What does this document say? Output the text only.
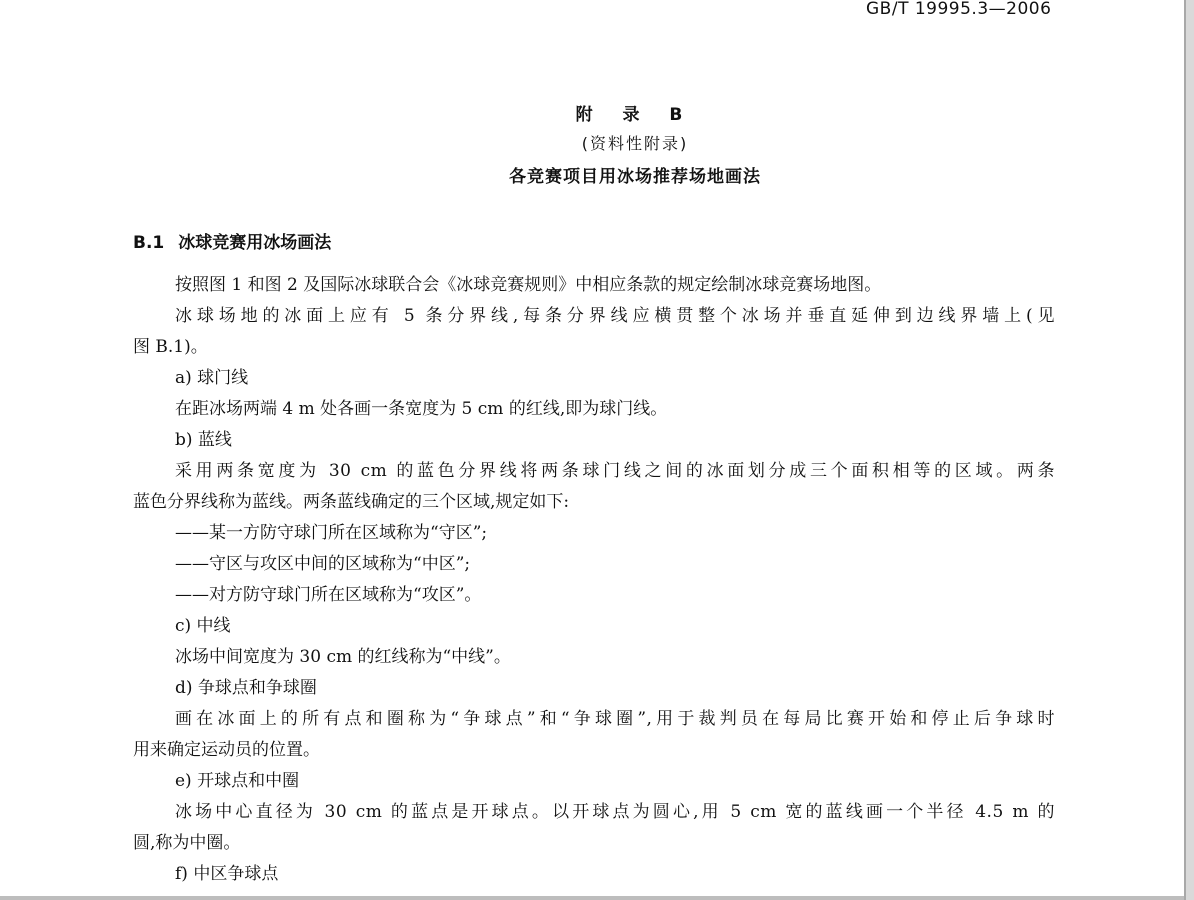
GB/T 19995.3—2006
附 录 B
(资料性附录)
各竞赛项目用冰场推荐场地画法
B.1 冰球竞赛用冰场画法
按照图 1 和图 2 及国际冰球联合会《冰球竞赛规则》中相应条款的规定绘制冰球竞赛场地图。
冰球场地的冰面上应有 5 条分界线,每条分界线应横贯整个冰场并垂直延伸到边线界墙上(见
图 B.1)。
a) 球门线
在距冰场两端 4 m 处各画一条宽度为 5 cm 的红线,即为球门线。
b) 蓝线
采用两条宽度为 30 cm 的蓝色分界线将两条球门线之间的冰面划分成三个面积相等的区域。两条
蓝色分界线称为蓝线。两条蓝线确定的三个区域,规定如下:
——某一方防守球门所在区域称为“守区”;
——守区与攻区中间的区域称为“中区”;
——对方防守球门所在区域称为“攻区”。
c) 中线
冰场中间宽度为 30 cm 的红线称为“中线”。
d) 争球点和争球圈
画在冰面上的所有点和圈称为“争球点”和“争球圈”,用于裁判员在每局比赛开始和停止后争球时
用来确定运动员的位置。
e) 开球点和中圈
冰场中心直径为 30 cm 的蓝点是开球点。以开球点为圆心,用 5 cm 宽的蓝线画一个半径 4.5 m 的
圆,称为中圈。
f) 中区争球点
